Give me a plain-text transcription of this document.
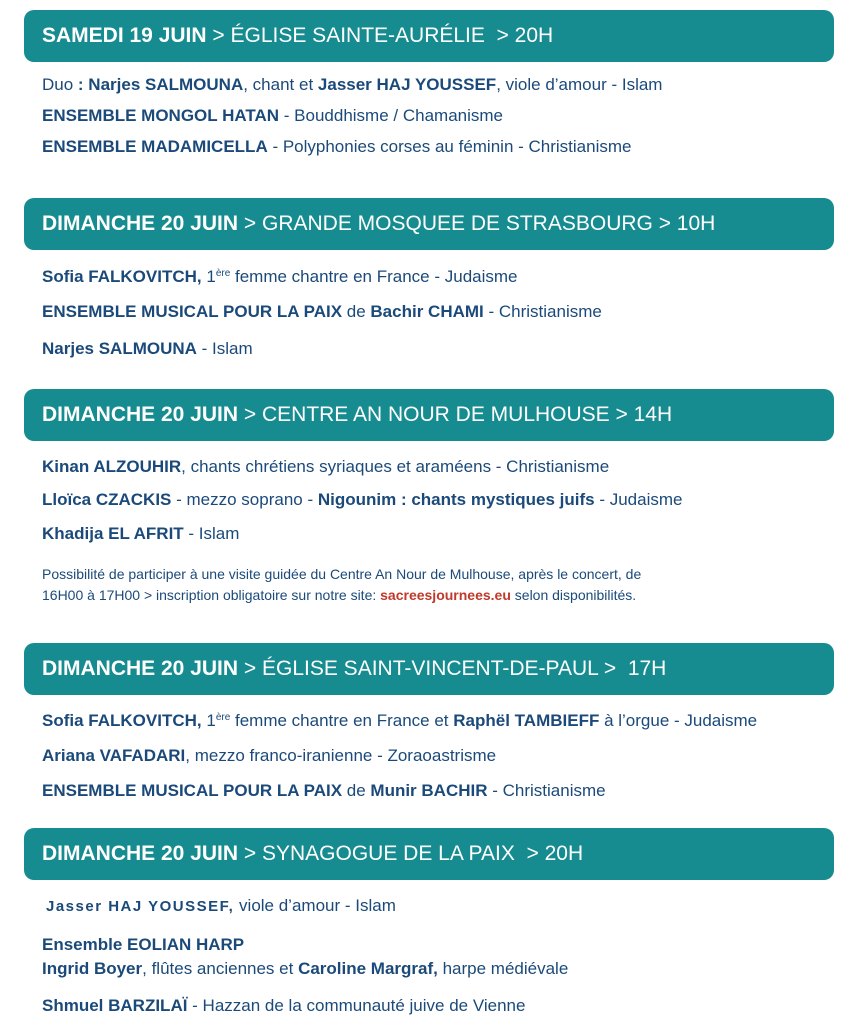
SAMEDI 19 JUIN > ÉGLISE SAINTE-AURÉLIE  > 20H
Duo : Narjes SALMOUNA, chant et Jasser HAJ YOUSSEF, viole d’amour - Islam
ENSEMBLE MONGOL HATAN - Bouddhisme / Chamanisme
ENSEMBLE MADAMICELLA - Polyphonies corses au féminin - Christianisme
DIMANCHE 20 JUIN > GRANDE MOSQUEE DE STRASBOURG > 10H
Sofia FALKOVITCH, 1ère femme chantre en France - Judaisme
ENSEMBLE MUSICAL POUR LA PAIX de Bachir CHAMI - Christianisme
Narjes SALMOUNA - Islam
DIMANCHE 20 JUIN > CENTRE AN NOUR DE MULHOUSE > 14H
Kinan ALZOUHIR, chants chrétiens syriaques et araméens - Christianisme
Lloïca CZACKIS - mezzo soprano - Nigounim : chants mystiques juifs - Judaisme
Khadija EL AFRIT - Islam
Possibilité de participer à une visite guidée du Centre An Nour de Mulhouse, après le concert, de
16H00 à 17H00 > inscription obligatoire sur notre site: sacreesjournees.eu selon disponibilités.
DIMANCHE 20 JUIN > ÉGLISE SAINT-VINCENT-DE-PAUL >  17H
Sofia FALKOVITCH, 1ère femme chantre en France et Raphël TAMBIEFF à l’orgue - Judaisme
Ariana VAFADARI, mezzo franco-iranienne - Zoraoastrisme
ENSEMBLE MUSICAL POUR LA PAIX de Munir BACHIR - Christianisme
DIMANCHE 20 JUIN > SYNAGOGUE DE LA PAIX  > 20H
Jasser HAJ YOUSSEF, viole d’amour - Islam
Ensemble EOLIAN HARP
Ingrid Boyer, flûtes anciennes et Caroline Margraf, harpe médiévale
Shmuel BARZILAÏ - Hazzan de la communauté juive de Vienne
